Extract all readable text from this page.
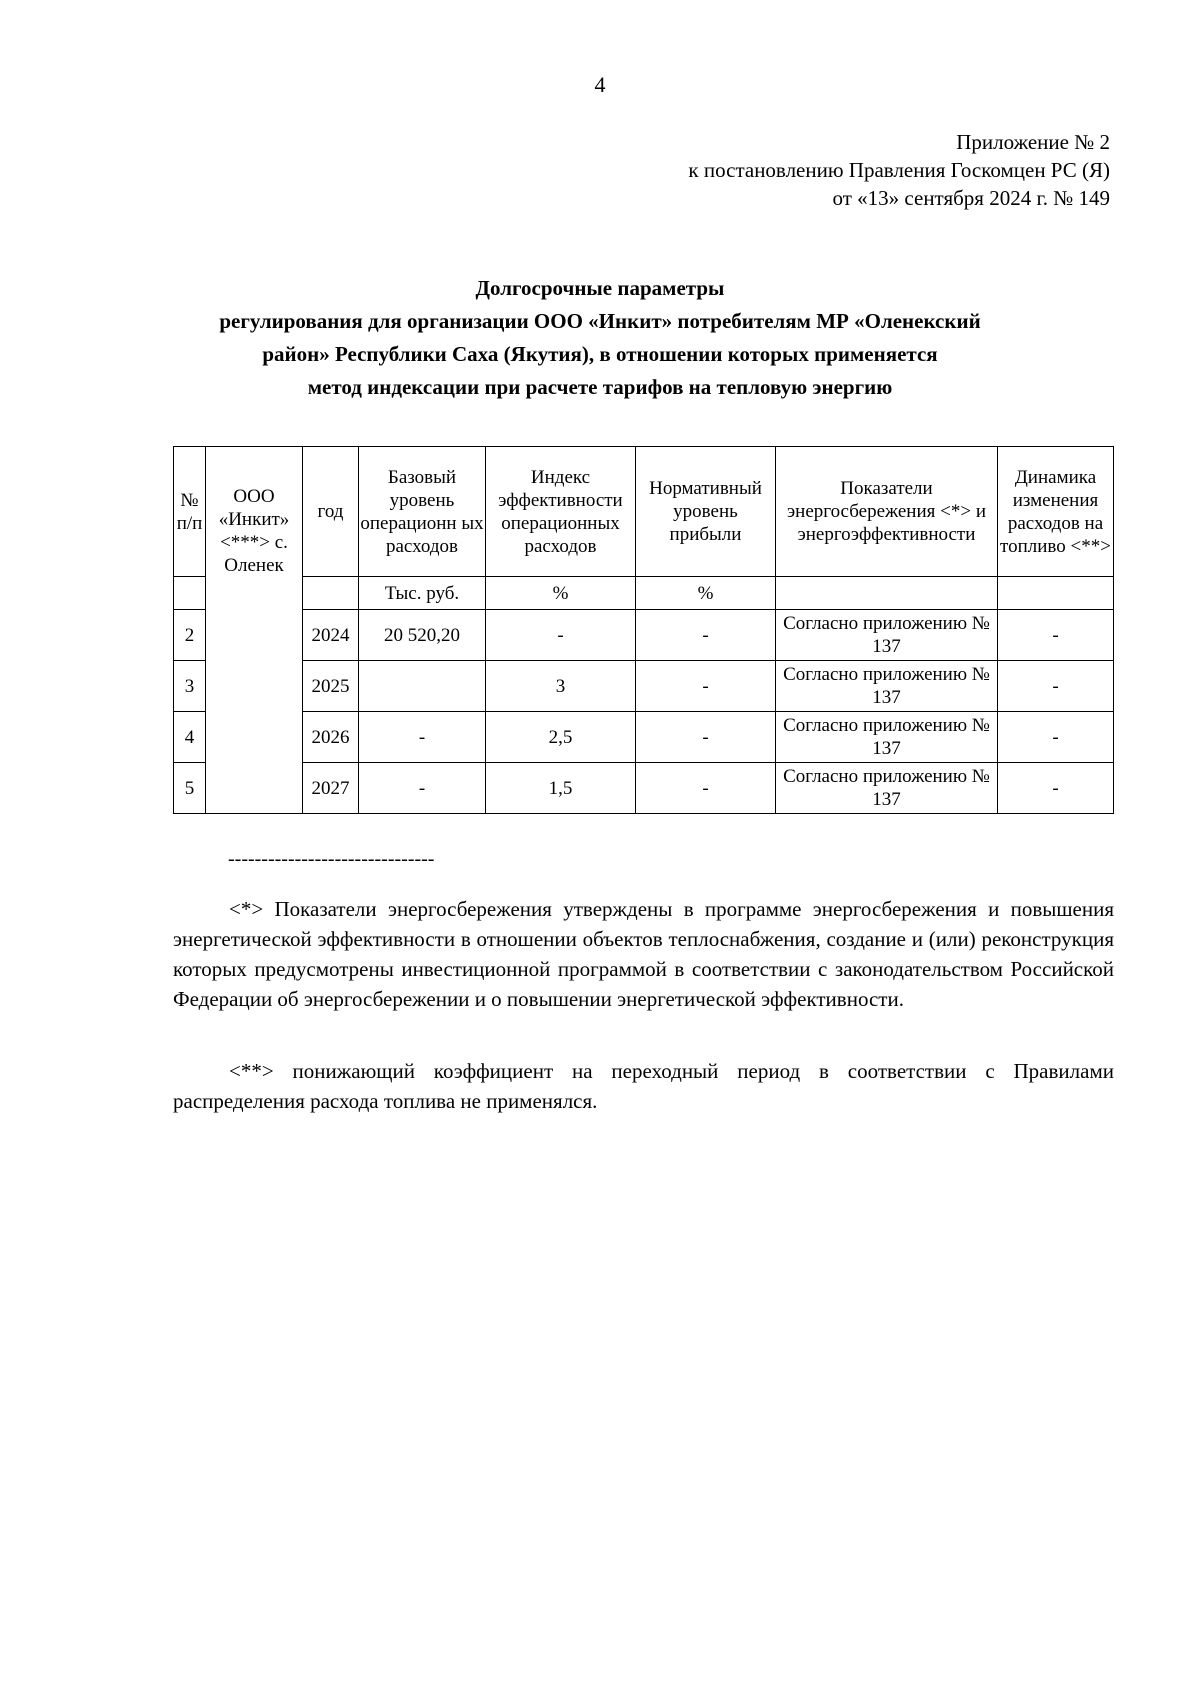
4
Приложение № 2
к постановлению Правления Госкомцен РС (Я)
от «13» сентября 2024 г. № 149
Долгосрочные параметры
регулирования для организации ООО «Инкит» потребителям МР «Оленекский
район» Республики Саха (Якутия), в отношении которых применяется
метод индексации при расчете тарифов на тепловую энергию
№ п/п	ООО «Инкит» <***> с. Оленек	год	Базовый уровень операционн ых расходов	Индекс эффективности операционных расходов	Нормативный уровень прибыли	Показатели энергосбережения <*> и энергоэффективности	Динамика изменения расходов на топливо <**>
			Тыс. руб.	%	%		
2		2024	20 520,20	-	-	Согласно приложению № 137	-
3		2025		3	-	Согласно приложению № 137	-
4		2026	-	2,5	-	Согласно приложению № 137	-
5		2027	-	1,5	-	Согласно приложению № 137	-
-------------------------------
<*> Показатели энергосбережения утверждены в программе энергосбережения и повышения энергетической эффективности в отношении объектов теплоснабжения, создание и (или) реконструкция которых предусмотрены инвестиционной программой в соответствии с законодательством Российской Федерации об энергосбережении и о повышении энергетической эффективности.
<**> понижающий коэффициент на переходный период в соответствии с Правилами распределения расхода топлива не применялся.
